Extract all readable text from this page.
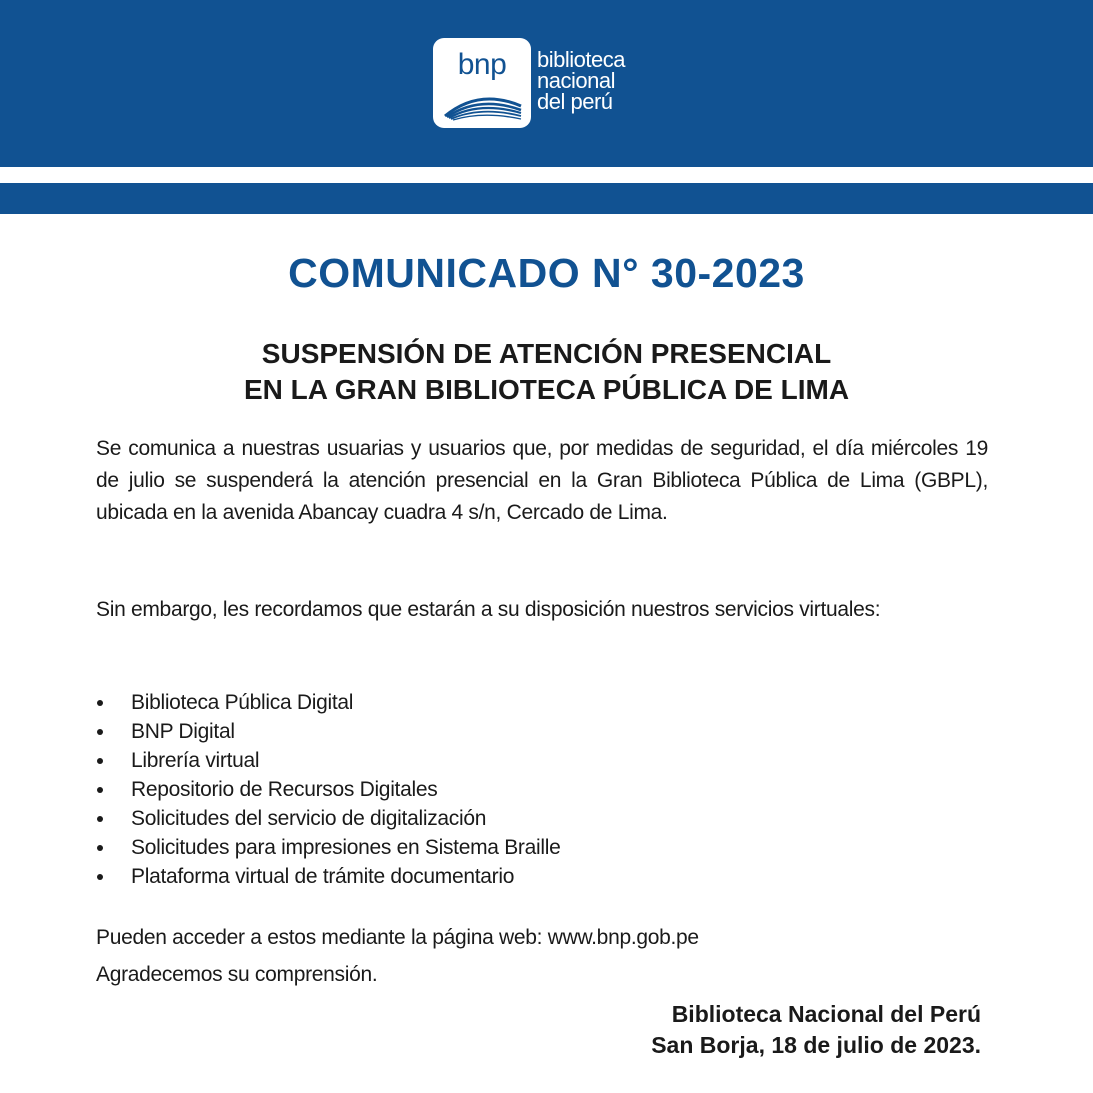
bnp	biblioteca
nacional
del perú
COMUNICADO N° 30-2023
SUSPENSIÓN DE ATENCIÓN PRESENCIAL
EN LA GRAN BIBLIOTECA PÚBLICA DE LIMA
Se comunica a nuestras usuarias y usuarios que, por medidas de seguridad, el día miércoles 19 de julio se suspenderá la atención presencial en la Gran Biblioteca Pública de Lima (GBPL), ubicada en la avenida Abancay cuadra 4 s/n, Cercado de Lima.
Sin embargo, les recordamos que estarán a su disposición nuestros servicios virtuales:
Biblioteca Pública Digital
BNP Digital
Librería virtual
Repositorio de Recursos Digitales
Solicitudes del servicio de digitalización
Solicitudes para impresiones en Sistema Braille
Plataforma virtual de trámite documentario
Pueden acceder a estos mediante la página web: www.bnp.gob.pe
Agradecemos su comprensión.
Biblioteca Nacional del Perú
San Borja, 18 de julio de 2023.
